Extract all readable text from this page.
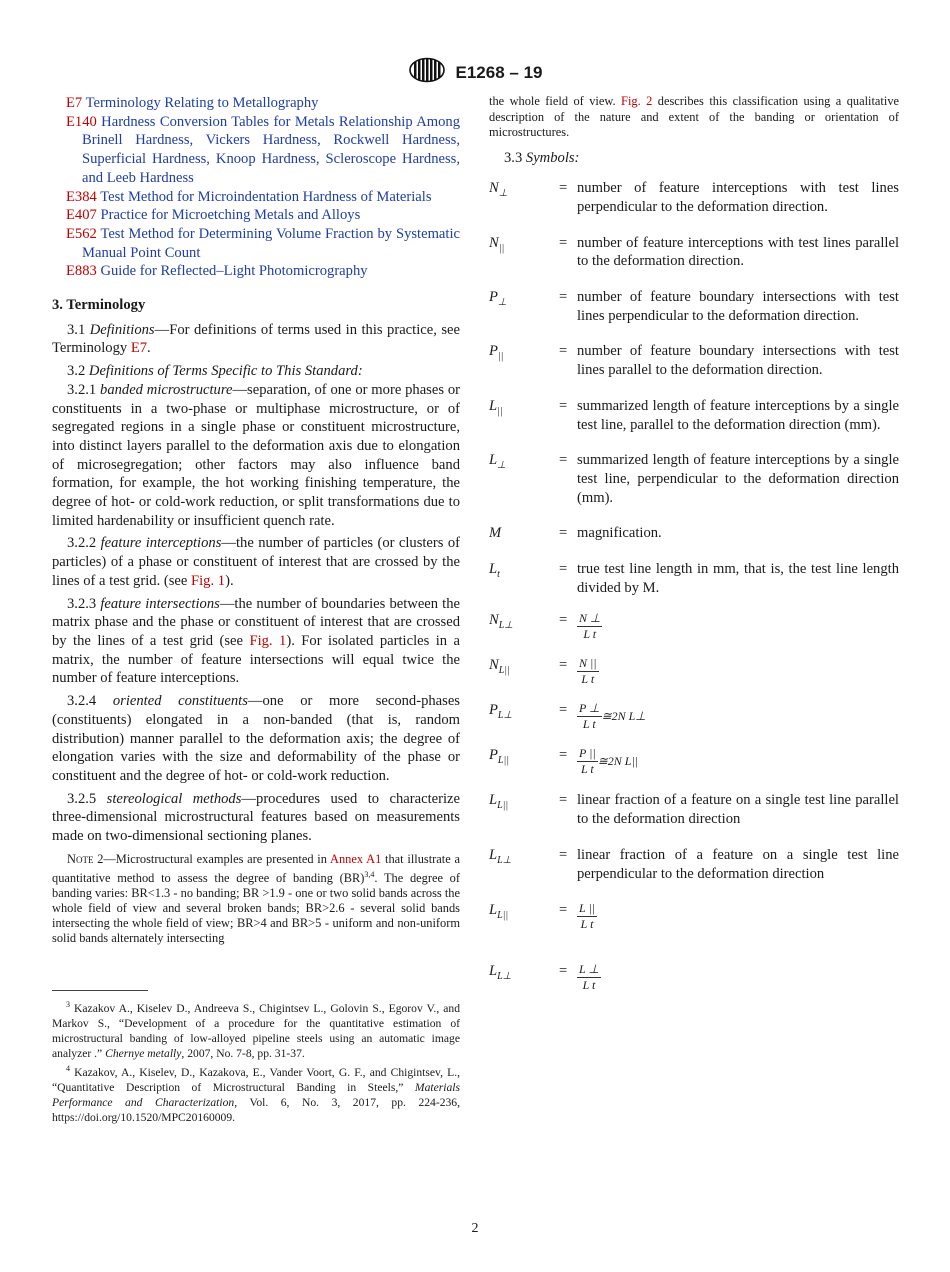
E1268 – 19
E7 Terminology Relating to Metallography
E140 Hardness Conversion Tables for Metals Relationship Among Brinell Hardness, Vickers Hardness, Rockwell Hardness, Superficial Hardness, Knoop Hardness, Scleroscope Hardness, and Leeb Hardness
E384 Test Method for Microindentation Hardness of Materials
E407 Practice for Microetching Metals and Alloys
E562 Test Method for Determining Volume Fraction by Systematic Manual Point Count
E883 Guide for Reflected–Light Photomicrography
3. Terminology

3.1 Definitions—For definitions of terms used in this practice, see Terminology E7.

3.2 Definitions of Terms Specific to This Standard:

3.2.1 banded microstructure—separation, of one or more phases or constituents in a two-phase or multiphase microstructure, or of segregated regions in a single phase or constituent microstructure, into distinct layers parallel to the deformation axis due to elongation of microsegregation; other factors may also influence band formation, for example, the hot working finishing temperature, the degree of hot- or cold-work reduction, or split transformations due to limited hardenability or insufficient quench rate.

3.2.2 feature interceptions—the number of particles (or clusters of particles) of a phase or constituent of interest that are crossed by the lines of a test grid. (see Fig. 1).

3.2.3 feature intersections—the number of boundaries between the matrix phase and the phase or constituent of interest that are crossed by the lines of a test grid (see Fig. 1). For isolated particles in a matrix, the number of feature intersections will equal twice the number of feature interceptions.

3.2.4 oriented constituents—one or more second-phases (constituents) elongated in a non-banded (that is, random distribution) manner parallel to the deformation axis; the degree of elongation varies with the size and deformability of the phase or constituent and the degree of hot- or cold-work reduction.

3.2.5 stereological methods—procedures used to characterize three-dimensional microstructural features based on measurements made on two-dimensional sectioning planes.

Note 2—Microstructural examples are presented in Annex A1 that illustrate a quantitative method to assess the degree of banding (BR)$^{3,4}$. The degree of banding varies: BR<1.3 - no banding; BR >1.9 - one or two solid bands across the whole field of view and several broken bands; BR>2.6 - several solid bands intersecting the whole field of view; BR>4 and BR>5 - uniform and non-uniform solid bands alternately intersecting

$^3$ Kazakov A., Kiselev D., Andreeva S., Chigintsev L., Golovin S., Egorov V., and Markov S., “Development of a procedure for the quantitative estimation of microstructural banding of low-alloyed pipeline steels using an automatic image analyzer .” Chernye metally, 2007, No. 7-8, pp. 31-37.

$^4$ Kazakov, A., Kiselev, D., Kazakova, E., Vander Voort, G. F., and Chigintsev, L., “Quantitative Description of Microstructural Banding in Steels,” Materials Performance and Characterization, Vol. 6, No. 3, 2017, pp. 224-236, https://doi.org/10.1520/MPC20160009.

the whole field of view. Fig. 2 describes this classification using a qualitative description of the nature and extent of the banding or orientation of microstructures.

3.3 Symbols:

$N_\perp$	= number of feature interceptions with test lines perpendicular to the deformation direction.
$N_{||}$	= number of feature interceptions with test lines parallel to the deformation direction.
$P_\perp$	= number of feature boundary intersections with test lines perpendicular to the deformation direction.
$P_{||}$	= number of feature boundary intersections with test lines parallel to the deformation direction.
$L_{||}$	= summarized length of feature interceptions by a single test line, parallel to the deformation direction (mm).
$L_\perp$	= summarized length of feature interceptions by a single test line, perpendicular to the deformation direction (mm).
M	= magnification.
$L_t$	= true test line length in mm, that is, the test line length divided by M.
$N_{L\perp}$	= $\frac{N \perp}{\text{L t}}$
$N_{L||}$	= $\frac{N ||}{\text{L t}}$
$P_{L\perp}$	= $\frac{P \perp}{\text{L t}}$ ≅2N L⊥
$P_{L||}$	= $\frac{P ||}{\text{L t}}$ ≅2N L||
$L_{L||}$	= linear fraction of a feature on a single test line parallel to the deformation direction
$L_{L\perp}$	= linear fraction of a feature on a single test line perpendicular to the deformation direction
$L_{L||}$	= $\frac{L ||}{\text{L t}}$
$L_{L\perp}$	= $\frac{L \perp}{\text{L t}}$
2
